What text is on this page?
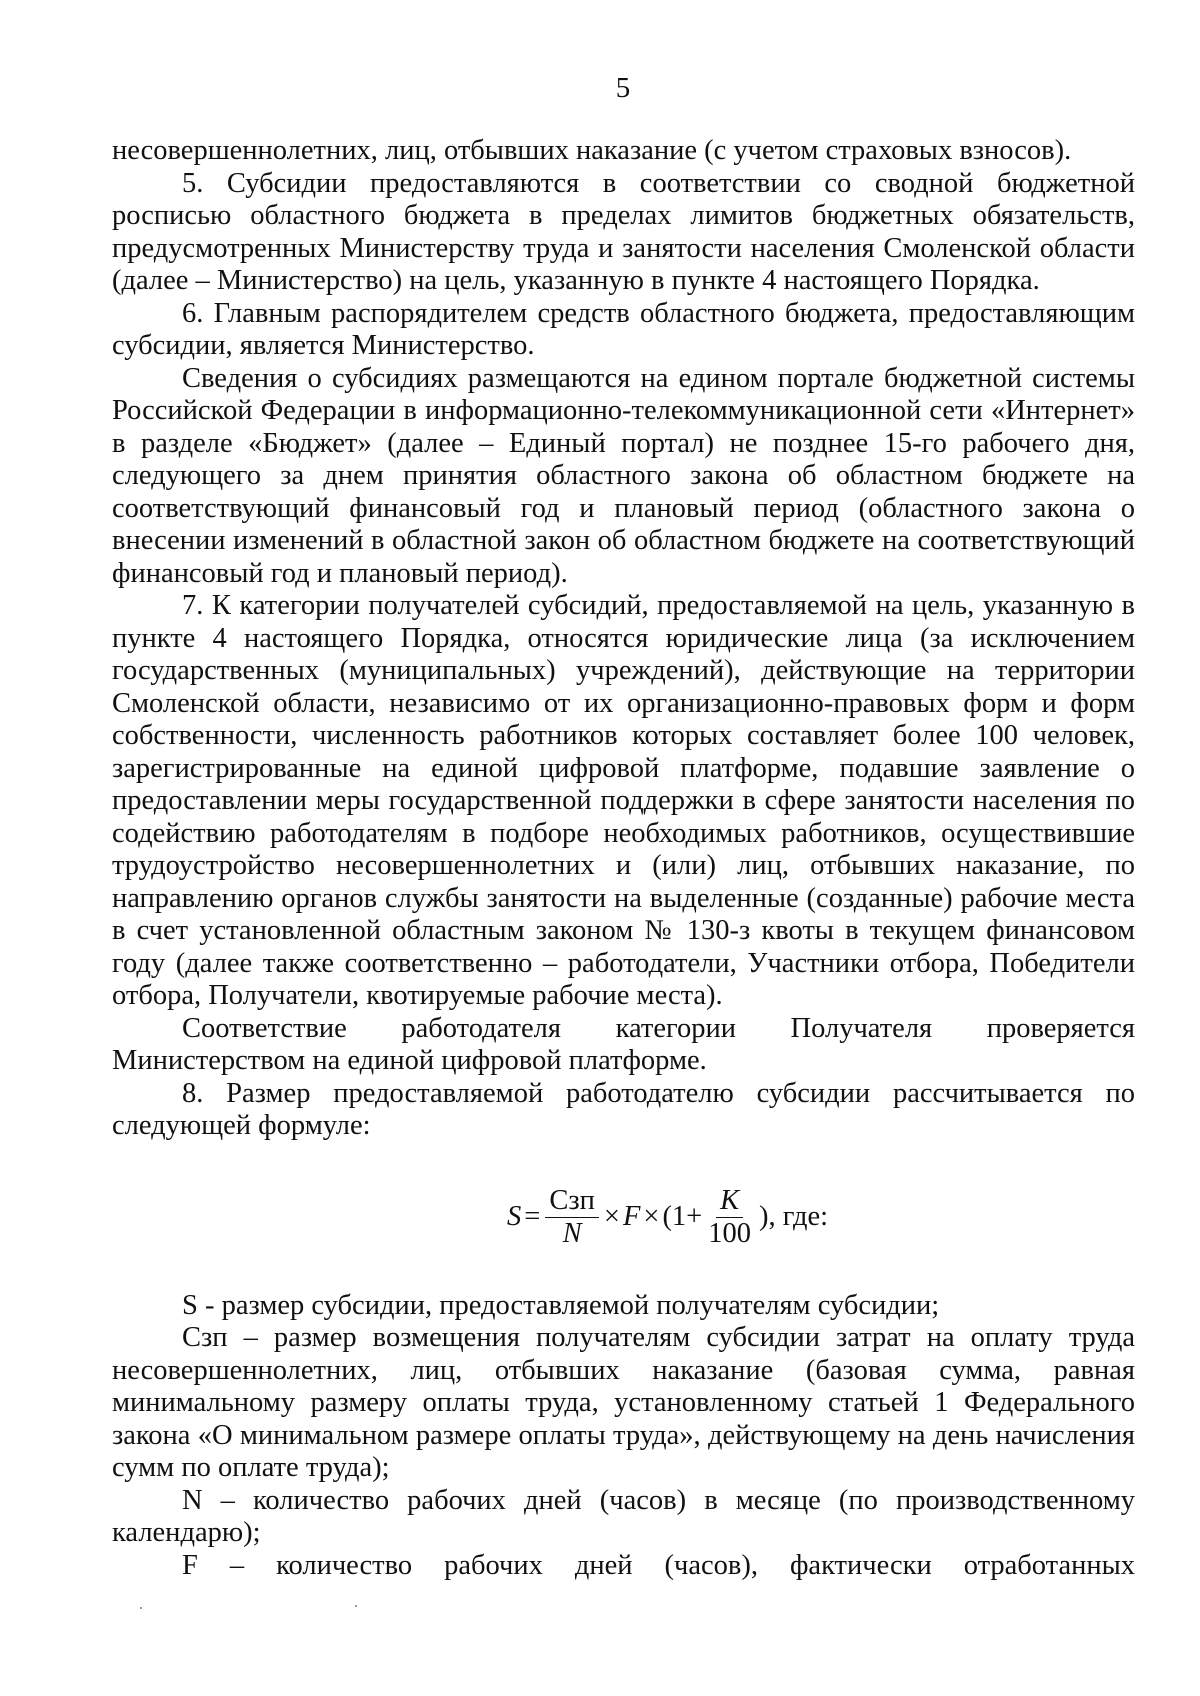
5

несовершеннолетних, лиц, отбывших наказание (с учетом страховых взносов).

5. Субсидии предоставляются в соответствии со сводной бюджетной росписью областного бюджета в пределах лимитов бюджетных обязательств, предусмотренных Министерству труда и занятости населения Смоленской области (далее – Министерство) на цель, указанную в пункте 4 настоящего Порядка.

6. Главным распорядителем средств областного бюджета, предоставляющим субсидии, является Министерство.

Сведения о субсидиях размещаются на едином портале бюджетной системы Российской Федерации в информационно-телекоммуникационной сети «Интернет» в разделе «Бюджет» (далее – Единый портал) не позднее 15-го рабочего дня, следующего за днем принятия областного закона об областном бюджете на соответствующий финансовый год и плановый период (областного закона о внесении изменений в областной закон об областном бюджете на соответствующий финансовый год и плановый период).

7. К категории получателей субсидий, предоставляемой на цель, указанную в пункте 4 настоящего Порядка, относятся юридические лица (за исключением государственных (муниципальных) учреждений), действующие на территории Смоленской области, независимо от их организационно-правовых форм и форм собственности, численность работников которых составляет более 100 человек, зарегистрированные на единой цифровой платформе, подавшие заявление о предоставлении меры государственной поддержки в сфере занятости населения по содействию работодателям в подборе необходимых работников, осуществившие трудоустройство несовершеннолетних и (или) лиц, отбывших наказание, по направлению органов службы занятости на выделенные (созданные) рабочие места в счет установленной областным законом № 130-з квоты в текущем финансовом году (далее также соответственно – работодатели, Участники отбора, Победители отбора, Получатели, квотируемые рабочие места).

Соответствие работодателя категории Получателя проверяется Министерством на единой цифровой платформе.

8. Размер предоставляемой работодателю субсидии рассчитывается по следующей формуле:

$S = \frac{\text{Сзп}}{N} \times F \times (1+ \frac{K}{100}$ ), где:

S - размер субсидии, предоставляемой получателям субсидии;

Сзп – размер возмещения получателям субсидии затрат на оплату труда несовершеннолетних, лиц, отбывших наказание (базовая сумма, равная минимальному размеру оплаты труда, установленному статьей 1 Федерального закона «О минимальном размере оплаты труда», действующему на день начисления сумм по оплате труда);

N – количество рабочих дней (часов) в месяце (по производственному календарю);

F – количество рабочих дней (часов), фактически отработанных
